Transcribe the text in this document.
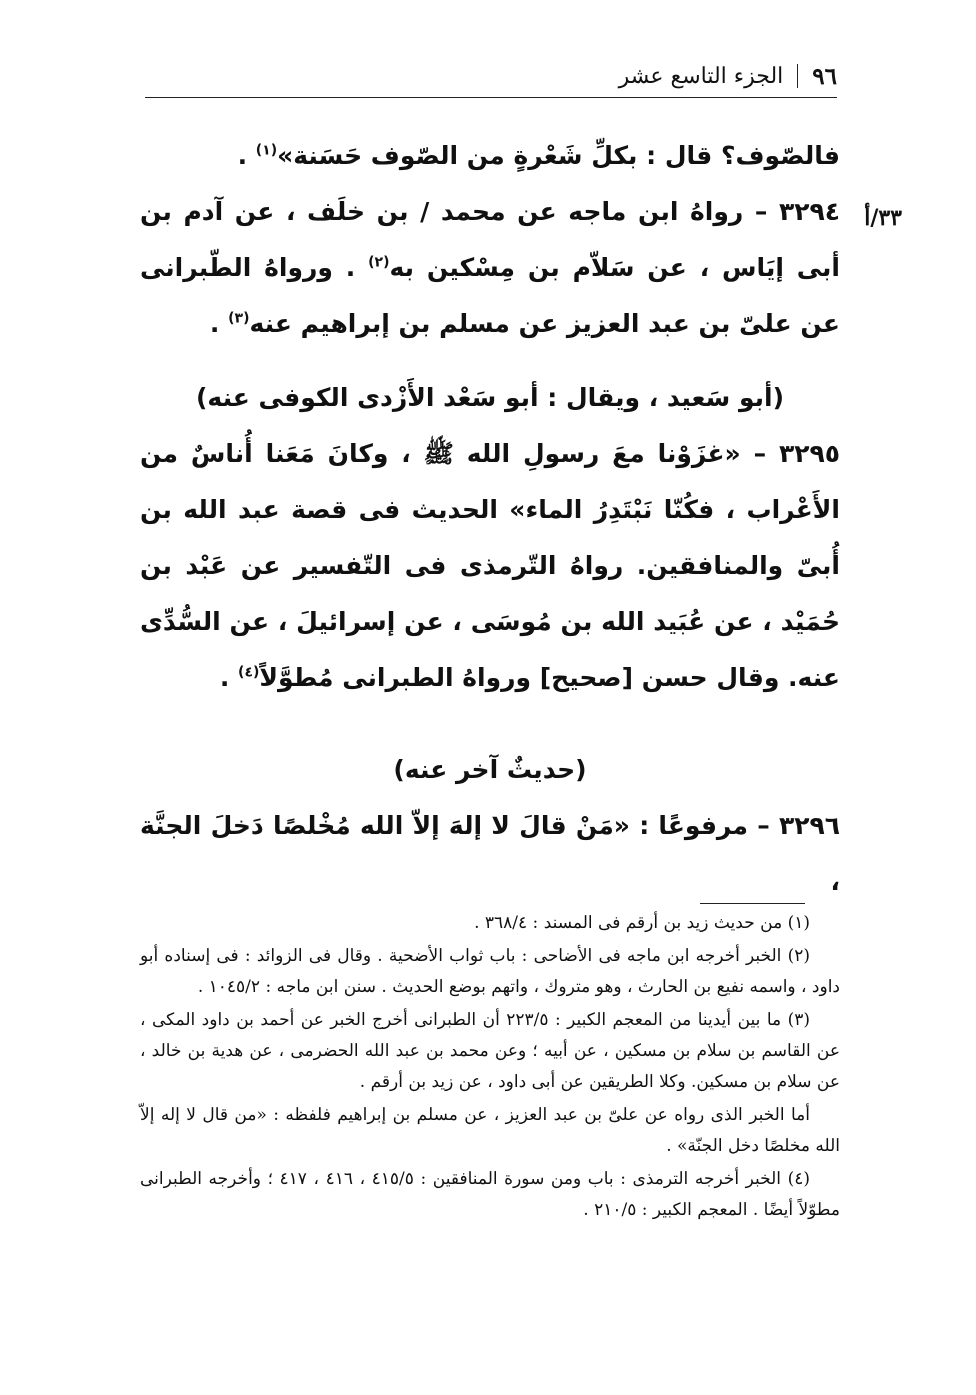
٩٦
الجزء التاسع عشر
٣٣/أ

فالصّوف؟ قال : بكلِّ شَعْرةٍ من الصّوف حَسَنة»$^{(١)}$ .

٣٢٩٤ – رواهُ ابن ماجه عن محمد / بن خلَف ، عن آدم بن أبى إيَاس ، عن سَلاّم بن مِسْكين به$^{(٢)}$ . ورواهُ الطّبرانى عن علىّ بن عبد العزيز عن مسلم بن إبراهيم عنه$^{(٣)}$ .

(أبو سَعيد ، ويقال : أبو سَعْد الأَزْدى الكوفى عنه)

٣٢٩٥ – «غزَوْنا معَ رسولِ الله ﷺ ، وكانَ مَعَنا أُناسٌ من الأَعْراب ، فكُنّا نَبْتَدِرُ الماء» الحديث فى قصة عبد الله بن أُبىّ والمنافقين. رواهُ التّرمذى فى التّفسير عن عَبْد بن حُمَيْد ، عن عُبَيد الله بن مُوسَى ، عن إسرائيلَ ، عن السُّدِّى عنه. وقال حسن [صحيح] ورواهُ الطبرانى مُطوَّلاً$^{(٤)}$ .

(حديثٌ آخر عنه)

٣٢٩٦ – مرفوعًا : «مَنْ قالَ لا إلهَ إلاّ الله مُخْلصًا دَخلَ الجنَّة ،

(١) من حديث زيد بن أرقم فى المسند : ٣٦٨/٤ .

(٢) الخبر أخرجه ابن ماجه فى الأضاحى : باب ثواب الأضحية . وقال فى الزوائد : فى إسناده أبو داود ، واسمه نفيع بن الحارث ، وهو متروك ، واتهم بوضع الحديث . سنن ابن ماجه : ١٠٤٥/٢ .

(٣) ما بين أيدينا من المعجم الكبير : ٢٢٣/٥ أن الطبرانى أخرج الخبر عن أحمد بن داود المكى ، عن القاسم بن سلام بن مسكين ، عن أبيه ؛ وعن محمد بن عبد الله الحضرمى ، عن هدية بن خالد ، عن سلام بن مسكين. وكلا الطريقين عن أبى داود ، عن زيد بن أرقم .

أما الخبر الذى رواه عن علىّ بن عبد العزيز ، عن مسلم بن إبراهيم فلفظه : «من قال لا إله إلاّ الله مخلصًا دخل الجنّة» .

(٤) الخبر أخرجه الترمذى : باب ومن سورة المنافقين : ٤١٥/٥ ، ٤١٦ ، ٤١٧ ؛ وأخرجه الطبرانى مطوّلاً أيضًا . المعجم الكبير : ٢١٠/٥ .
